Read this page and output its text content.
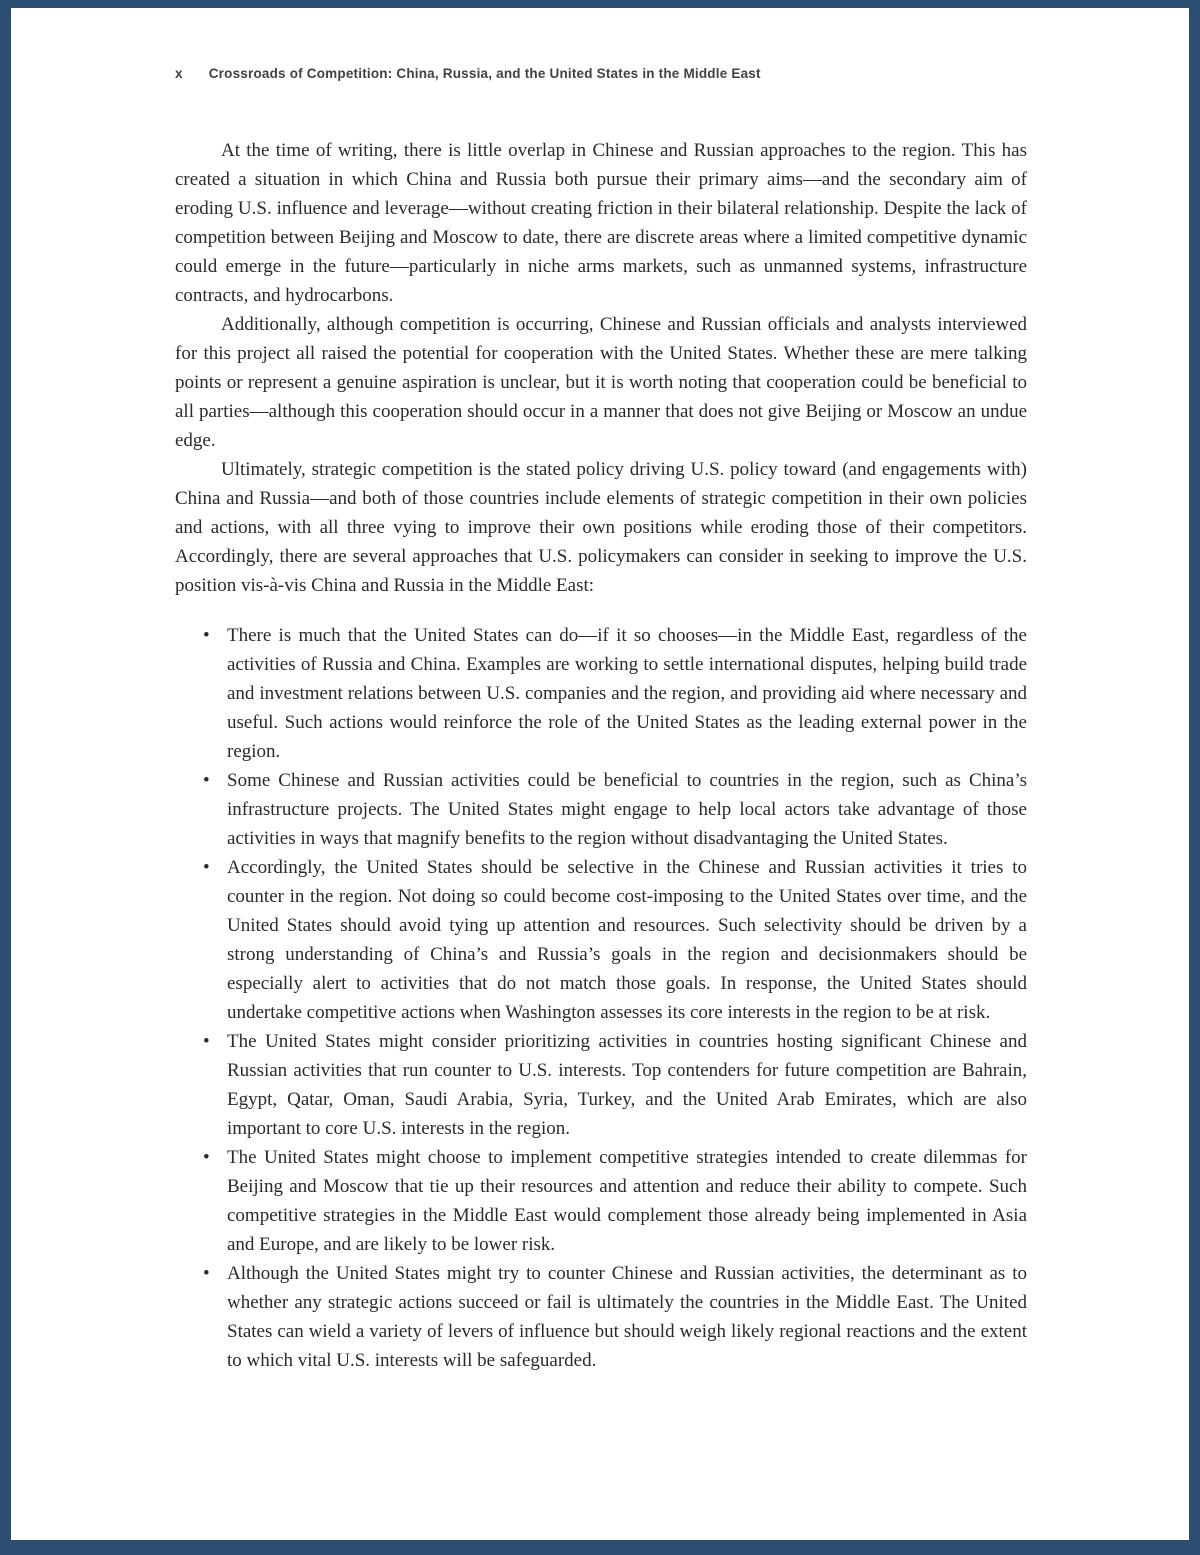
x Crossroads of Competition: China, Russia, and the United States in the Middle East

At the time of writing, there is little overlap in Chinese and Russian approaches to the region. This has created a situation in which China and Russia both pursue their primary aims—and the secondary aim of eroding U.S. influence and leverage—without creating friction in their bilateral relationship. Despite the lack of competition between Beijing and Moscow to date, there are discrete areas where a limited competitive dynamic could emerge in the future—particularly in niche arms markets, such as unmanned systems, infrastructure contracts, and hydrocarbons.

Additionally, although competition is occurring, Chinese and Russian officials and analysts interviewed for this project all raised the potential for cooperation with the United States. Whether these are mere talking points or represent a genuine aspiration is unclear, but it is worth noting that cooperation could be beneficial to all parties—although this cooperation should occur in a manner that does not give Beijing or Moscow an undue edge.

Ultimately, strategic competition is the stated policy driving U.S. policy toward (and engagements with) China and Russia—and both of those countries include elements of strategic competition in their own policies and actions, with all three vying to improve their own positions while eroding those of their competitors. Accordingly, there are several approaches that U.S. policymakers can consider in seeking to improve the U.S. position vis-à-vis China and Russia in the Middle East:

• There is much that the United States can do—if it so chooses—in the Middle East, regardless of the activities of Russia and China. Examples are working to settle international disputes, helping build trade and investment relations between U.S. companies and the region, and providing aid where necessary and useful. Such actions would reinforce the role of the United States as the leading external power in the region.
• Some Chinese and Russian activities could be beneficial to countries in the region, such as China’s infrastructure projects. The United States might engage to help local actors take advantage of those activities in ways that magnify benefits to the region without disadvantaging the United States.
• Accordingly, the United States should be selective in the Chinese and Russian activities it tries to counter in the region. Not doing so could become cost-imposing to the United States over time, and the United States should avoid tying up attention and resources. Such selectivity should be driven by a strong understanding of China’s and Russia’s goals in the region and decisionmakers should be especially alert to activities that do not match those goals. In response, the United States should undertake competitive actions when Washington assesses its core interests in the region to be at risk.
• The United States might consider prioritizing activities in countries hosting significant Chinese and Russian activities that run counter to U.S. interests. Top contenders for future competition are Bahrain, Egypt, Qatar, Oman, Saudi Arabia, Syria, Turkey, and the United Arab Emirates, which are also important to core U.S. interests in the region.
• The United States might choose to implement competitive strategies intended to create dilemmas for Beijing and Moscow that tie up their resources and attention and reduce their ability to compete. Such competitive strategies in the Middle East would complement those already being implemented in Asia and Europe, and are likely to be lower risk.
• Although the United States might try to counter Chinese and Russian activities, the determinant as to whether any strategic actions succeed or fail is ultimately the countries in the Middle East. The United States can wield a variety of levers of influence but should weigh likely regional reactions and the extent to which vital U.S. interests will be safeguarded.
